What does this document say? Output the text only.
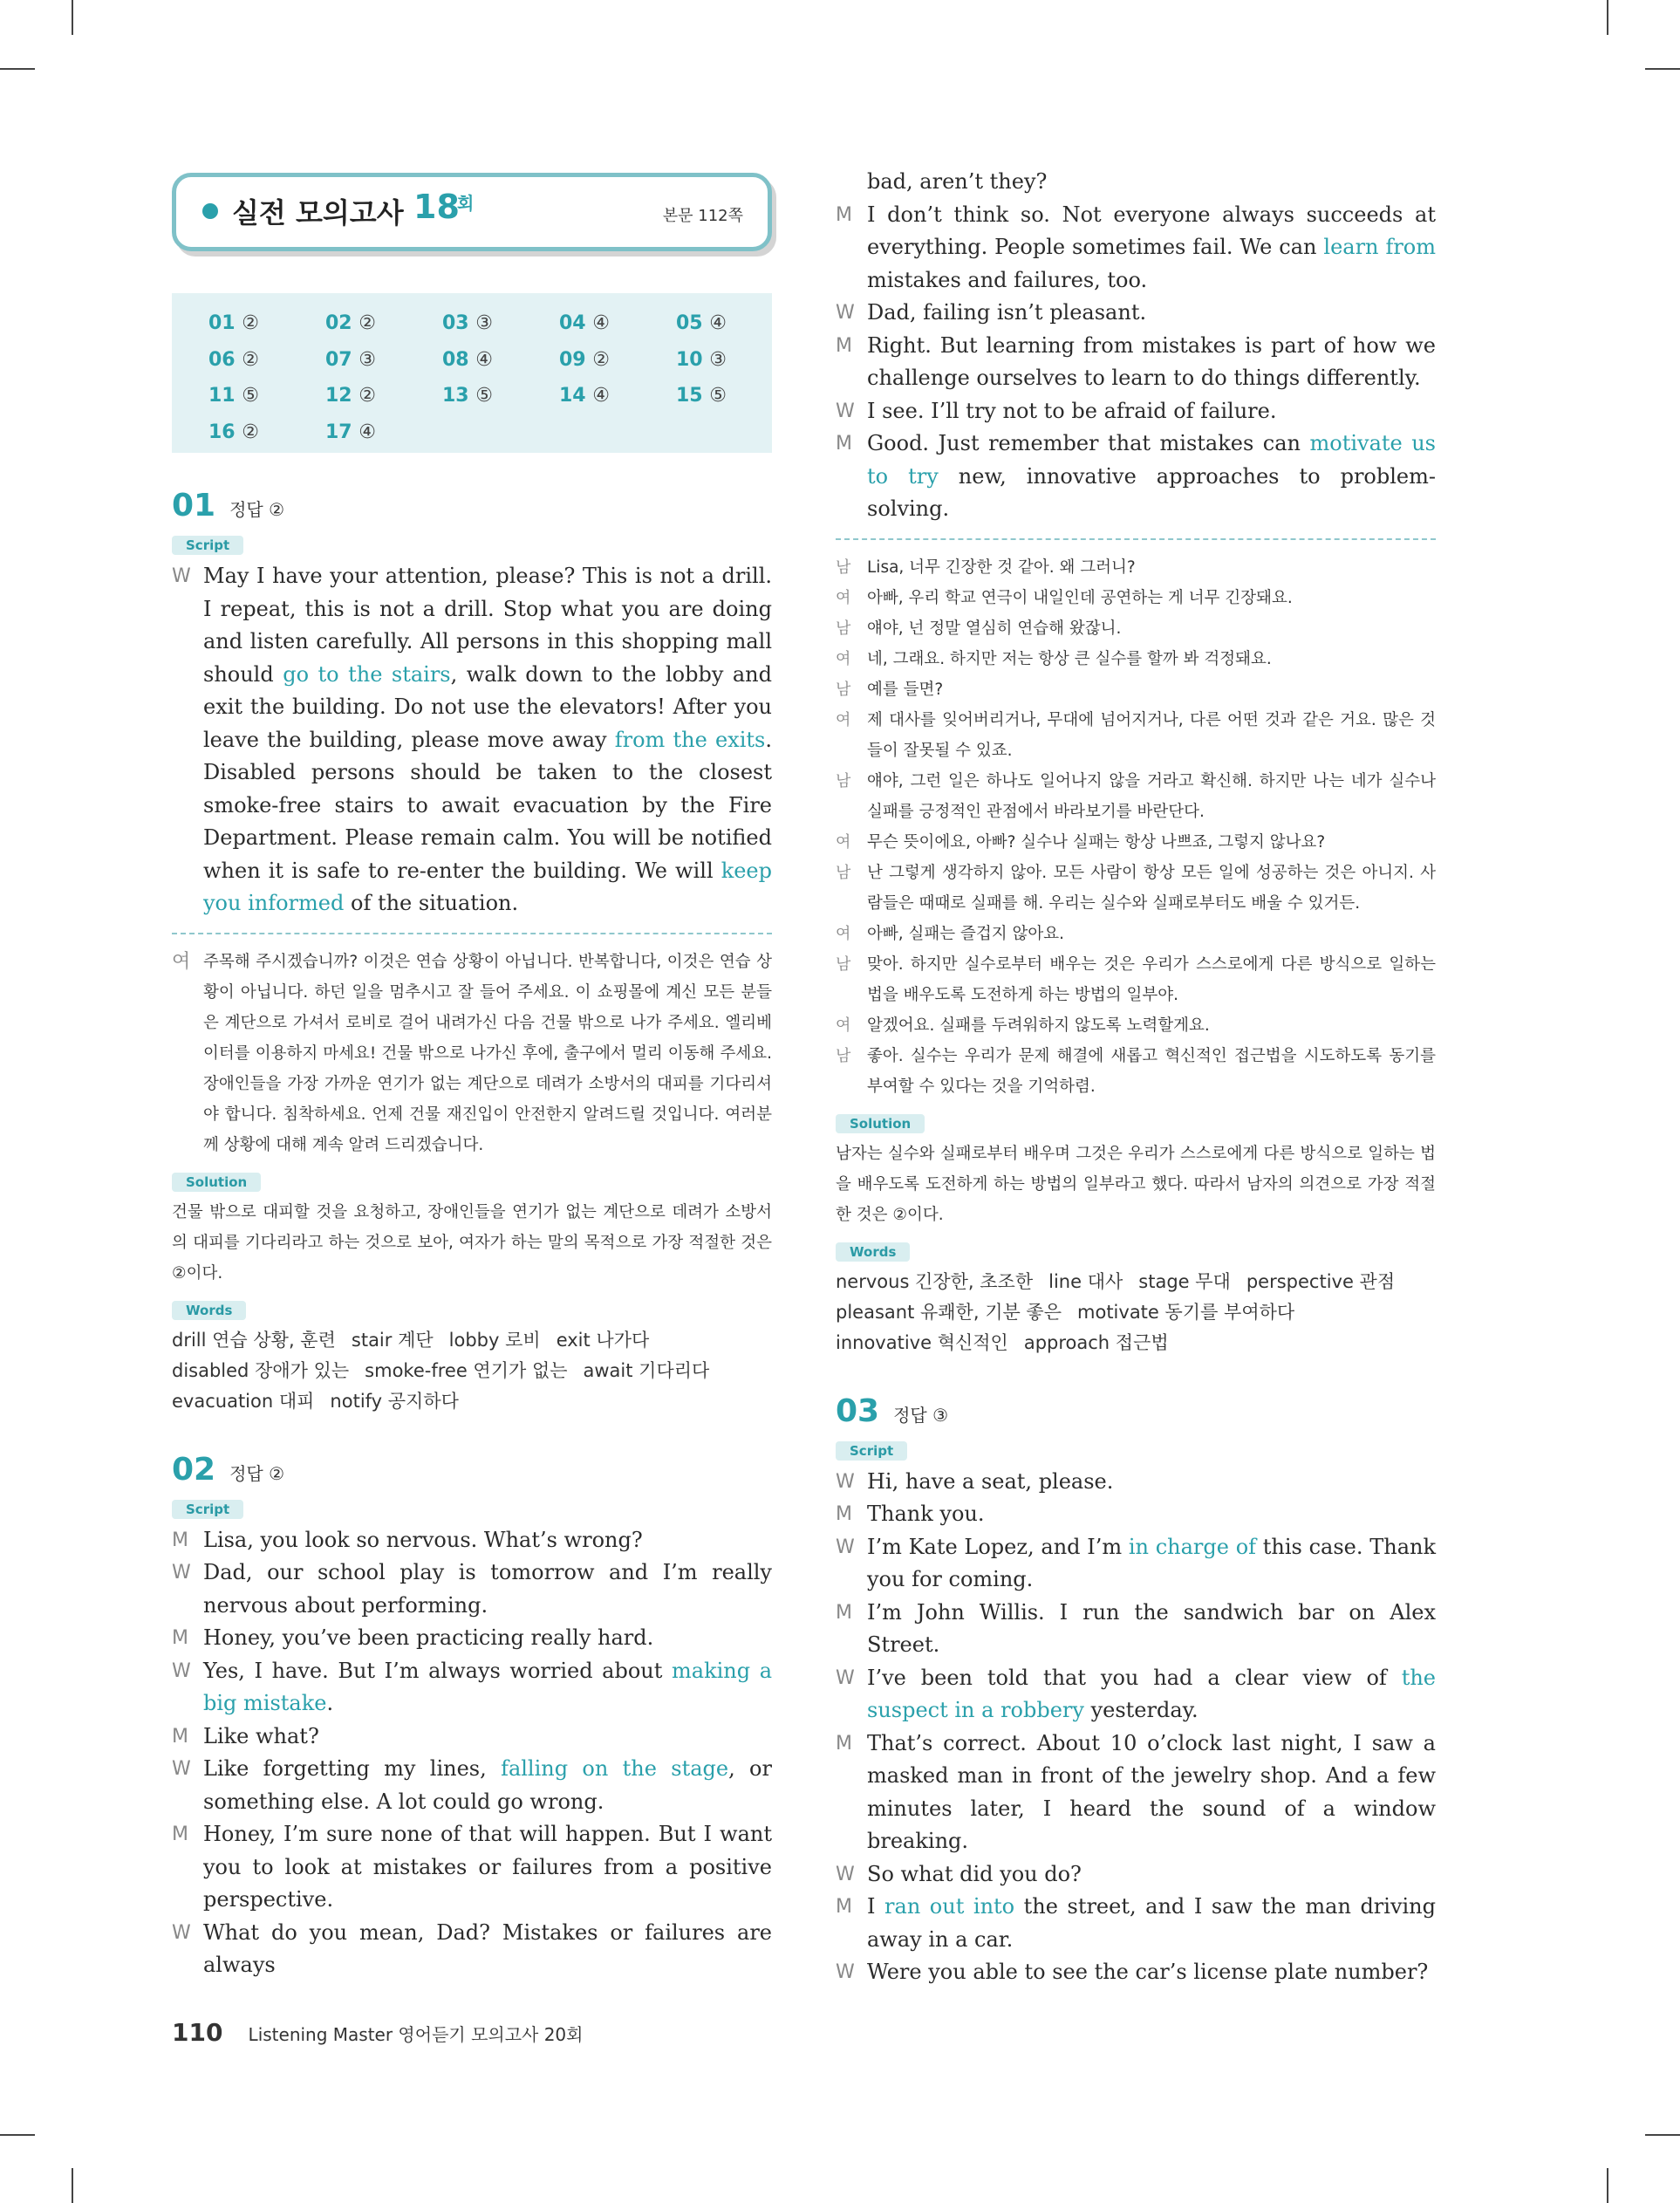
실전 모의고사 18
회
본문 112쪽
01 ②	02 ②	03 ③	04 ④	05 ④
06 ②	07 ③	08 ④	09 ②	10 ③
11 ⑤	12 ②	13 ⑤	14 ④	15 ⑤
16 ②	17 ④
01 정답 ②
Script
W May I have your attention, please? This is not a drill. I repeat, this is not a drill. Stop what you are doing and listen carefully. All persons in this shopping mall should go to the stairs, walk down to the lobby and exit the building. Do not use the elevators! After you leave the building, please move away from the exits. Disabled persons should be taken to the closest smoke-free stairs to await evacuation by the Fire Department. Please remain calm. You will be notified when it is safe to re-enter the building. We will keep you informed of the situation.
여 주목해 주시겠습니까? 이것은 연습 상황이 아닙니다. 반복합니다, 이것은 연습 상황이 아닙니다. 하던 일을 멈추시고 잘 들어 주세요. 이 쇼핑몰에 계신 모든 분들은 계단으로 가셔서 로비로 걸어 내려가신 다음 건물 밖으로 나가 주세요. 엘리베이터를 이용하지 마세요! 건물 밖으로 나가신 후에, 출구에서 멀리 이동해 주세요. 장애인들을 가장 가까운 연기가 없는 계단으로 데려가 소방서의 대피를 기다리셔야 합니다. 침착하세요. 언제 건물 재진입이 안전한지 알려드릴 것입니다. 여러분께 상황에 대해 계속 알려 드리겠습니다.
Solution
건물 밖으로 대피할 것을 요청하고, 장애인들을 연기가 없는 계단으로 데려가 소방서의 대피를 기다리라고 하는 것으로 보아, 여자가 하는 말의 목적으로 가장 적절한 것은 ②이다.
Words
drill 연습 상황, 훈련 stair 계단 lobby 로비 exit 나가다
disabled 장애가 있는 smoke-free 연기가 없는 await 기다리다
evacuation 대피 notify 공지하다
02 정답 ②
Script
M Lisa, you look so nervous. What’s wrong?
W Dad, our school play is tomorrow and I’m really nervous about performing.
M Honey, you’ve been practicing really hard.
W Yes, I have. But I’m always worried about making a big mistake.
M Like what?
W Like forgetting my lines, falling on the stage, or something else. A lot could go wrong.
M Honey, I’m sure none of that will happen. But I want you to look at mistakes or failures from a positive perspective.
W What do you mean, Dad? Mistakes or failures are always
bad, aren’t they?
M I don’t think so. Not everyone always succeeds at everything. People sometimes fail. We can learn from mistakes and failures, too.
W Dad, failing isn’t pleasant.
M Right. But learning from mistakes is part of how we challenge ourselves to learn to do things differently.
W I see. I’ll try not to be afraid of failure.
M Good. Just remember that mistakes can motivate us to try new, innovative approaches to problem-solving.
남	Lisa, 너무 긴장한 것 같아. 왜 그러니?
여	아빠, 우리 학교 연극이 내일인데 공연하는 게 너무 긴장돼요.
남	얘야, 넌 정말 열심히 연습해 왔잖니.
여	네, 그래요. 하지만 저는 항상 큰 실수를 할까 봐 걱정돼요.
남	예를 들면?
여	제 대사를 잊어버리거나, 무대에 넘어지거나, 다른 어떤 것과 같은 거요. 많은 것들이 잘못될 수 있죠.
남	얘야, 그런 일은 하나도 일어나지 않을 거라고 확신해. 하지만 나는 네가 실수나 실패를 긍정적인 관점에서 바라보기를 바란단다.
여	무슨 뜻이에요, 아빠? 실수나 실패는 항상 나쁘죠, 그렇지 않나요?
남	난 그렇게 생각하지 않아. 모든 사람이 항상 모든 일에 성공하는 것은 아니지. 사람들은 때때로 실패를 해. 우리는 실수와 실패로부터도 배울 수 있거든.
여	아빠, 실패는 즐겁지 않아요.
남	맞아. 하지만 실수로부터 배우는 것은 우리가 스스로에게 다른 방식으로 일하는 법을 배우도록 도전하게 하는 방법의 일부야.
여	알겠어요. 실패를 두려워하지 않도록 노력할게요.
남	좋아. 실수는 우리가 문제 해결에 새롭고 혁신적인 접근법을 시도하도록 동기를 부여할 수 있다는 것을 기억하렴.
Solution
남자는 실수와 실패로부터 배우며 그것은 우리가 스스로에게 다른 방식으로 일하는 법을 배우도록 도전하게 하는 방법의 일부라고 했다. 따라서 남자의 의견으로 가장 적절한 것은 ②이다.
Words
nervous 긴장한, 초조한 line 대사 stage 무대 perspective 관점
pleasant 유쾌한, 기분 좋은 motivate 동기를 부여하다
innovative 혁신적인 approach 접근법
03 정답 ③
Script
W Hi, have a seat, please.
M Thank you.
W I’m Kate Lopez, and I’m in charge of this case. Thank you for coming.
M I’m John Willis. I run the sandwich bar on Alex Street.
W I’ve been told that you had a clear view of the suspect in a robbery yesterday.
M That’s correct. About 10 o’clock last night, I saw a masked man in front of the jewelry shop. And a few minutes later, I heard the sound of a window breaking.
W So what did you do?
M I ran out into the street, and I saw the man driving away in a car.
W Were you able to see the car’s license plate number?
110 Listening Master 영어듣기 모의고사 20회
